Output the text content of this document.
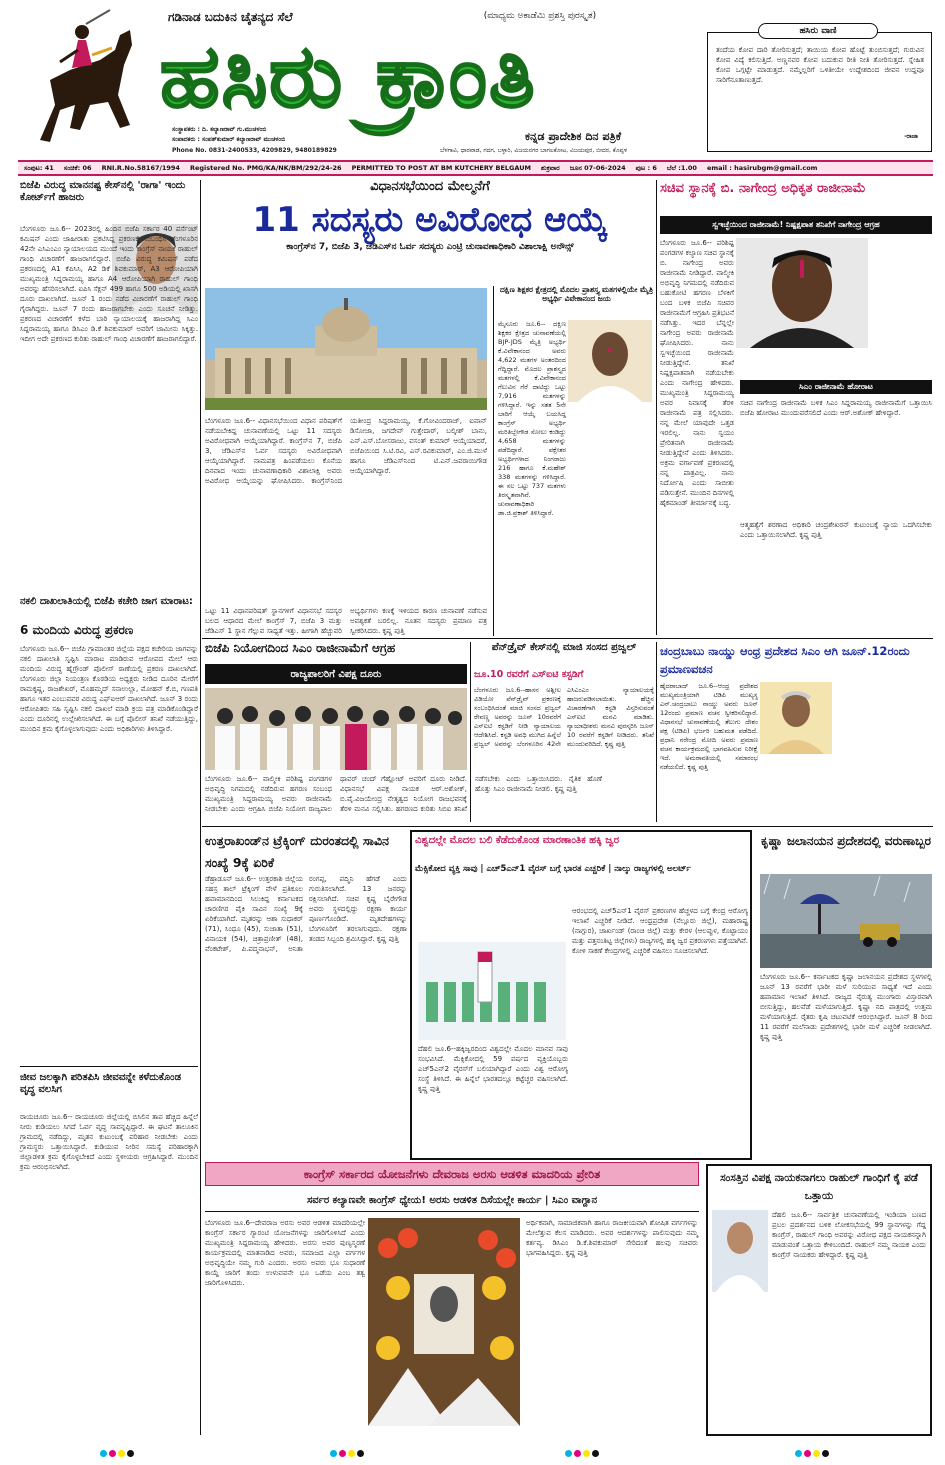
ಗಡಿನಾಡ ಬದುಕಿನ ಚೈತನ್ಯದ ಸೆಲೆ	(ಮಾಧ್ಯಮ ಅಕಾಡೆಮಿ ಪ್ರಶಸ್ತಿ ಪುರಸ್ಕೃತ)
ಹಸಿರು ಕ್ರಾಂತಿ
ಕನ್ನಡ ಪ್ರಾದೇಶಿಕ ದಿನ ಪತ್ರಿಕೆ
ಸಂಸ್ಥಾಪಕರು : ದಿ. ಕಲ್ಯಾಣರಾವ್ ಗು.ಮುಚಳಂಬಿ
ಸಂಪಾದಕರು : ಸಂಪತ್‌ಕುಮಾರ್ ಕಲ್ಯಾಣರಾವ್ ಮುಚಳಂಬಿ
Phone No. 0831-2400533, 4209829, 9480189829	ಬೆಳಗಾವಿ, ಧಾರವಾಡ, ಗದಗ, ಬಳ್ಳಾರಿ, ವಿಜಯನಗರ ಬಾಗಲಕೋಟ, ವಿಜಯಪುರ, ಬೀದರ, ಕೊಪ್ಪಳ
ಹಸಿರು ವಾಣಿ
ತಂದೆಯ ಕೋಪ ದಾರಿ ತೋರಿಸುತ್ತದೆ; ತಾಯಿಯ ಕೋಪ ಹೊಟ್ಟೆ ತುಂಬಿಸುತ್ತದೆ; ಗುರುವಿನ ಕೋಪ ವಿದ್ಯೆ ಕಲಿಸುತ್ತಿದೆ. ಅಣ್ಣನವರ ಕೋಪ ಬದುಕುವ ರೀತಿ ನೀತಿ ತೋರಿಸುತ್ತದೆ. ಸ್ನೇಹಿತ ಕೋಪ ಒಗ್ಗಟ್ಟೇ ಮಾಡುತ್ತದೆ. ನಮ್ಮೆಲ್ಲರಿಗೆ ಒಳಿತೀಯೇ ಉದ್ದೇಶದಿಂದ ಜೀವನ ಉದ್ದವೂ ಸಾರಿಗೆನೂತಾಣುತ್ತದೆ.
-ರಾಜಾ
ಸಂಪುಟ: 41 ಸಂಚಿಕೆ: 06 RNI.R.No.58167/1994 Registered No. PMG/KA/NK/BM/292/24-26 PERMITTED TO POST AT BM KUTCHERY BELGAUM ಶುಕ್ರವಾರ ಜೂನ 07-06-2024 ಪುಟ : 6 ಬೆಲೆ :1.00 email : hasirubgm@gmail.com
ಬಿಜೆಪಿ ವಿರುದ್ಧ ಮಾನನಷ್ಟ ಕೇಸ್‌ನಲ್ಲಿ 'ರಾಗಾ' ಇಂದು ಕೋರ್ಟ್‌ಗೆ ಹಾಜರು
ಬೆಂಗಳೂರು ಜೂ.6-- 2023ರಲ್ಲಿ ಹಿಂದಿನ ಬಿಜೆಪಿ ಸರ್ಕಾರ 40 ಪರ್ಸೆಂಟ್ ಕಮಿಷನ್ ಎಂದು ಜಾಹೀರಾತು ಪ್ರಕಟಿಸಿದ್ದ ಪ್ರಕರಣಕ್ಕೆ ಸಂಬಂಧಿಸಿ ಬೆಂಗಳೂರಿನ 42ನೇ ಎಸಿಎಂಎಂ ನ್ಯಾಯಾಲಯದ ಮುಂದೆ ಇಂದು ಕಾಂಗ್ರೆಸ್ ನಾಯಕ ರಾಹುಲ್ ಗಾಂಧಿ ವಿಚಾರಣೆಗೆ ಹಾಜರಾಗಲಿದ್ದಾರೆ. ಬಿಜೆಪಿ ವಿರುದ್ಧ ಕಮಿಷನ್ ಪಡೆದ ಪ್ರಕರಣದಲ್ಲಿ A1 ಕೆಪಿಸಿಸಿ, A2 ಡಿಕೆ ಶಿವಕುಮಾರ್, A3 ಆರೋಪಿಯಾಗಿ ಮುಖ್ಯಮಂತ್ರಿ ಸಿದ್ದರಾಮಯ್ಯ ಹಾಗೂ A4 ಆರೋಪಿಯಾಗಿ ರಾಹುಲ್ ಗಾಂಧಿ ಅವರನ್ನು ಹೆಸರಿಸಲಾಗಿದೆ. ಐಪಿಸಿ ಸೆಕ್ಷನ್ 499 ಹಾಗೂ 500 ಅಡಿಯಲ್ಲಿ ಖಾಸಗಿ ದೂರು ದಾಖಲಾಗಿದೆ. ಜೂನ್ 1 ರಂದು ನಡೆದ ವಿಚಾರಣೆಗೆ ರಾಹುಲ್ ಗಾಂಧಿ ಗೈರಾಗಿದ್ದರು. ಜೂನ್ 7 ರಂದು ಹಾಜರಾಗಬೇಕು ಎಂದು ಸೂಚನೆ ನೀಡಿತ್ತು. ಪ್ರಕರಣದ ವಿಚಾರಣೆಗೆ ಕಳೆದ ಬಾರಿ ನ್ಯಾಯಾಲಯಕ್ಕೆ ಹಾಜರಾಗಿದ್ದ ಸಿಎಂ ಸಿದ್ದರಾಮಯ್ಯ ಹಾಗೂ ಡಿಸಿಎಂ ಡಿ.ಕೆ ಶಿವಕುಮಾರ್ ಅವರಿಗೆ ಜಾಮೀನು ಸಿಕ್ಕಿತ್ತು. ಇದೀಗ ಅದೇ ಪ್ರಕರಣದ ಕುರಿತು ರಾಹುಲ್ ಗಾಂಧಿ ವಿಚಾರಣೆಗೆ ಹಾಜರಾಗಲಿದ್ದಾರೆ.
ನಕಲಿ ದಾಖಲಾತಿಯಲ್ಲಿ ಬಿಜೆಪಿ ಕಚೇರಿ ಜಾಗ ಮಾರಾಟ:
6 ಮಂದಿಯ ವಿರುದ್ಧ ಪ್ರಕರಣ
ಬೆಂಗಳೂರು ಜೂ.6-- ಬಿಜೆಪಿ ಗ್ರಾಮಾಂತರ ಜಿಲ್ಲೆಯ ಪಕ್ಷದ ಕಚೇರಿಯ ಜಾಗವನ್ನು ನಕಲಿ ದಾಖಲಾತಿ ಸೃಷ್ಟಿಸಿ ಮಾರಾಟ ಮಾಡಿರುವ ಆರೋಪದ ಮೇಲೆ ಆರು ಮಂದಿಯ ವಿರುದ್ಧ ಹೈಗ್ರೌಂಡ್ ಪೊಲೀಸ್ ಠಾಣೆಯಲ್ಲಿ ಪ್ರಕರಣ ದಾಖಲಾಗಿದೆ. ಬೆಂಗಳೂರು ಜಿಲ್ಲಾ ನಿಯಂತ್ರಣ ಕೊಠಡಿಯ ಅಧ್ಯಕ್ಷರು ನೀಡಿದ ದೂರಿನ ಮೇರೆಗೆ ರಾಮಕೃಷ್ಣ, ರಾಜಶೇಖರ್, ಮೊಹಮ್ಮದ್ ಸನಾಉಲ್ಲಾ, ಮೋಹನ್ ಕೆ.ಬಿ, ಗಣಪತಿ ಹಾಗೂ ಇತರ ಎಂಬುವವರ ವಿರುದ್ಧ ಎಫ್ಐಆರ್ ದಾಖಲಾಗಿದೆ. ಜೂನ್ 3 ರಂದು ಆರೋಪಿತರು ಸಹಿ ಸೃಷ್ಟಿಸಿ ನಕಲಿ ದಾಖಲೆ ಮಾಡಿ ಕ್ರಯ ಪತ್ರ ಮಾಡಿಕೊಂಡಿದ್ದಾರೆ ಎಂದು ದೂರಿನಲ್ಲಿ ಉಲ್ಲೇಖಿಸಲಾಗಿದೆ. ಈ ಬಗ್ಗೆ ಪೊಲೀಸ್ ತನಿಖೆ ನಡೆಯುತ್ತಿದ್ದು, ಮುಂದಿನ ಕ್ರಮ ಕೈಗೊಳ್ಳಲಾಗುವುದು ಎಂದು ಅಧಿಕಾರಿಗಳು ತಿಳಿಸಿದ್ದಾರೆ.
ಜೀವ ಜಲಕ್ಕಾಗಿ ಪರಿತಪಿಸಿ ಜೀವವನ್ನೇ ಕಳೆದುಕೊಂಡ ವೃದ್ಧ ವಲಸಿಗ
ರಾಯಚೂರು ಜೂ.6-- ರಾಯಚೂರು ಜಿಲ್ಲೆಯಲ್ಲಿ ಬಿಸಿಲಿನ ತಾಪ ಹೆಚ್ಚಿದ ಹಿನ್ನೆಲೆ ನೀರು ಕುಡಿಯಲು ಸಿಗದೆ ಓರ್ವ ವೃದ್ಧ ಸಾವನ್ನಪ್ಪಿದ್ದಾರೆ. ಈ ಘಟನೆ ತಾಲೂಕಿನ ಗ್ರಾಮದಲ್ಲಿ ನಡೆದಿದ್ದು, ಮೃತನ ಕುಟುಂಬಕ್ಕೆ ಪರಿಹಾರ ನೀಡಬೇಕು ಎಂದು ಗ್ರಾಮಸ್ಥರು ಒತ್ತಾಯಿಸಿದ್ದಾರೆ. ಕುಡಿಯುವ ನೀರಿನ ಸಮಸ್ಯೆ ಪರಿಹಾರಕ್ಕಾಗಿ ಜಿಲ್ಲಾಡಳಿತ ಕ್ರಮ ಕೈಗೊಳ್ಳಬೇಕಿದೆ ಎಂದು ಸ್ಥಳೀಯರು ಆಗ್ರಹಿಸಿದ್ದಾರೆ. ಮುಂದಿನ ಕ್ರಮ ಆರಂಭಿಸಲಾಗಿದೆ.
ವಿಧಾನಸಭೆಯಿಂದ ಮೇಲ್ಮನೆಗೆ
11 ಸದಸ್ಯರು ಅವಿರೋಧ ಆಯ್ಕೆ
ಕಾಂಗ್ರೆಸ್‌ನ 7, ಬಿಜೆಪಿ 3, ಜೆಡಿಎಸ್‌ನ ಓರ್ವ ಸದಸ್ಯರು ಎಂಟ್ರಿ ಚುನಾವಣಾಧಿಕಾರಿ ವಿಶಾಲಾಕ್ಷಿ ಅನೌನ್ಸ್
ಬೆಂಗಳೂರು ಜೂ.6-- ವಿಧಾನಸಭೆಯಿಂದ ವಿಧಾನ ಪರಿಷತ್‌ಗೆ ನಡೆಯಬೇಕಿದ್ದ ಚುನಾವಣೆಯಲ್ಲಿ ಒಟ್ಟು 11 ಸದಸ್ಯರು ಅವಿರೋಧವಾಗಿ ಆಯ್ಕೆಯಾಗಿದ್ದಾರೆ. ಕಾಂಗ್ರೆಸ್‌ನ 7, ಬಿಜೆಪಿ 3, ಜೆಡಿಎಸ್‌ನ ಓರ್ವ ಸದಸ್ಯರು ಅವಿರೋಧವಾಗಿ ಆಯ್ಕೆಯಾಗಿದ್ದಾರೆ. ನಾಮಪತ್ರ ಹಿಂಪಡೆಯಲು ಕೊನೆಯ ದಿನವಾದ ಇಂದು ಚುನಾವಣಾಧಿಕಾರಿ ವಿಶಾಲಾಕ್ಷಿ ಅವರು ಅವಿರೋಧ ಆಯ್ಕೆಯನ್ನು ಘೋಷಿಸಿದರು. ಕಾಂಗ್ರೆಸ್‌ನಿಂದ ಯತೀಂದ್ರ ಸಿದ್ದರಾಮಯ್ಯ, ಕೆ.ಗೋವಿಂದರಾಜ್, ಐವಾನ್ ಡಿಸೋಜಾ, ಜಗದೇವ್ ಗುತ್ತೇದಾರ್, ಬಲ್ಕೀಶ್ ಬಾನು, ಎನ್.ಎಸ್.ಬೋಸರಾಜು, ವಸಂತ್ ಕುಮಾರ್ ಆಯ್ಕೆಯಾದರೆ, ಬಿಜೆಪಿಯಿಂದ ಸಿ.ಟಿ.ರವಿ, ಎನ್.ರವಿಕುಮಾರ್, ಎಂ.ಜಿ.ಮುಳೆ ಹಾಗೂ ಜೆಡಿಎಸ್‌ನಿಂದ ಟಿ.ಎನ್.ಜವರಾಯಿಗೌಡ ಆಯ್ಕೆಯಾಗಿದ್ದಾರೆ.
ಒಟ್ಟು 11 ವಿಧಾನಪರಿಷತ್ ಸ್ಥಾನಗಳಿಗೆ ವಿಧಾನಸಭೆ ಸದಸ್ಯರ ಬಲದ ಆಧಾರದ ಮೇಲೆ ಕಾಂಗ್ರೆಸ್ 7, ಬಿಜೆಪಿ 3 ಮತ್ತು ಜೆಡಿಎಸ್ 1 ಸ್ಥಾನ ಗೆಲ್ಲುವ ಸಾಧ್ಯತೆ ಇತ್ತು. ಹೀಗಾಗಿ ಹೆಚ್ಚುವರಿ ಅಭ್ಯರ್ಥಿಗಳು ಕಣಕ್ಕೆ ಇಳಿಯದ ಕಾರಣ ಚುನಾವಣೆ ನಡೆಸುವ ಅವಶ್ಯಕತೆ ಬರಲಿಲ್ಲ. ನೂತನ ಸದಸ್ಯರು ಪ್ರಮಾಣ ಪತ್ರ ಸ್ವೀಕರಿಸಿದರು. ಕೃಷ್ಣ ಪುತ್ತಿ
ದಕ್ಷಿಣ ಶಿಕ್ಷಕರ ಕ್ಷೇತ್ರದಲ್ಲಿ ಮೊದಲ ಪ್ರಾಶಸ್ತ್ಯ ಮತಗಳಲ್ಲಿಯೇ ಮೈತ್ರಿ ಅಭ್ಯರ್ಥಿ ವಿವೇಕಾನಂದ ಜಯ
ಮೈಸೂರು ಜೂ.6-- ದಕ್ಷಿಣ ಶಿಕ್ಷಕರ ಕ್ಷೇತ್ರದ ಚುನಾವಣೆಯಲ್ಲಿ BJP-JDS ಮೈತ್ರಿ ಅಭ್ಯರ್ಥಿ ಕೆ.ವಿವೇಕಾನಂದ ಅವರು 4,622 ಮತಗಳ ಅಂತರದಿಂದ ಗೆದ್ದಿದ್ದಾರೆ. ಮೊದಲ ಪ್ರಾಶಸ್ತ್ಯದ ಮತಗಳಲ್ಲಿ ಕೆ.ವಿವೇಕಾನಂದ ಗೆಲುವಿನ ಗೆರೆ ದಾಟಿದ್ದು ಒಟ್ಟು 7,916 ಮತಗಳನ್ನು ಗಳಿಸಿದ್ದಾರೆ. ಇನ್ನು ಸತತ 5ನೇ ಬಾರಿಗೆ ಆಯ್ಕೆ ಬಯಸಿದ್ದ ಕಾಂಗ್ರೆಸ್ ಅಭ್ಯರ್ಥಿ ಮರಿತಿಬ್ಬೇಗೌಡ ಸೋಲು ಕಂಡಿದ್ದು 4,658 ಮತಗಳನ್ನು ಪಡೆದಿದ್ದಾರೆ. ಪಕ್ಷೇತರ ಅಭ್ಯರ್ಥಿಗಳಾದ ನಿಂಗರಾಜು 216 ಹಾಗೂ ಕೆ.ಮಹೇಶ್ 338 ಮತಗಳನ್ನು ಗಳಿಸಿದ್ದಾರೆ. ಈ ಸಲ ಒಟ್ಟು 737 ಮತಗಳು ತಿರಸ್ಕೃತವಾಗಿವೆ. ಚುನಾವಣಾಧಿಕಾರಿ ಡಾ.ಜಿ.ಪ್ರಕಾಶ್ ತಿಳಿಸಿದ್ದಾರೆ.
ಸಚಿವ ಸ್ಥಾನಕ್ಕೆ ಬಿ. ನಾಗೇಂದ್ರ ಅಧಿಕೃತ ರಾಜೀನಾಮೆ
ಸ್ವಇಚ್ಛೆಯಿಂದ ರಾಜೀನಾಮೆ! ನಿಷ್ಪಕ್ಷಪಾತ ತನಿಖೆಗೆ ನಾಗೇಂದ್ರ ಆಗ್ರಹ
ಬೆಂಗಳೂರು ಜೂ.6-- ಪರಿಶಿಷ್ಟ ಪಂಗಡಗಳ ಕಲ್ಯಾಣ ಸಚಿವ ಸ್ಥಾನಕ್ಕೆ ಬಿ. ನಾಗೇಂದ್ರ ಅವರು ರಾಜೀನಾಮೆ ನೀಡಿದ್ದಾರೆ. ವಾಲ್ಮೀಕಿ ಅಭಿವೃದ್ಧಿ ನಿಗಮದಲ್ಲಿ ನಡೆದಿರುವ ಬಹುಕೋಟಿ ಹಗರಣ ಬೆಳಕಿಗೆ ಬಂದ ಬಳಿಕ ಬಿಜೆಪಿ ಸಚಿವರ ರಾಜೀನಾಮೆಗೆ ಆಗ್ರಹಿಸಿ ಪ್ರತಿಭಟನೆ ನಡೆಸಿತ್ತು. ಇದರ ಬೆನ್ನಲ್ಲೇ ನಾಗೇಂದ್ರ ಅವರು ರಾಜೀನಾಮೆ ಘೋಷಿಸಿದರು. ನಾನು ಸ್ವಇಚ್ಛೆಯಿಂದ ರಾಜೀನಾಮೆ ನೀಡುತ್ತಿದ್ದೇನೆ. ತನಿಖೆ ನಿಷ್ಪಕ್ಷಪಾತವಾಗಿ ನಡೆಯಬೇಕು ಎಂದು ನಾಗೇಂದ್ರ ಹೇಳಿದರು. ಮುಖ್ಯಮಂತ್ರಿ ಸಿದ್ದರಾಮಯ್ಯ ಅವರ ನಿವಾಸಕ್ಕೆ ತೆರಳಿ ರಾಜೀನಾಮೆ ಪತ್ರ ಸಲ್ಲಿಸಿದರು. ನನ್ನ ಮೇಲೆ ಯಾವುದೇ ಒತ್ತಡ ಇರಲಿಲ್ಲ. ನಾನು ಸ್ವಯಂ ಪ್ರೇರಿತನಾಗಿ ರಾಜೀನಾಮೆ ನೀಡುತ್ತಿದ್ದೇನೆ ಎಂದು ತಿಳಿಸಿದರು. ಅಕ್ರಮ ವರ್ಗಾವಣೆ ಪ್ರಕರಣದಲ್ಲಿ ನನ್ನ ಪಾತ್ರವಿಲ್ಲ. ನಾನು ನಿರ್ದೋಷಿ ಎಂದು ಸಾಬೀತು ಪಡಿಸುತ್ತೇನೆ. ಮುಂದಿನ ದಿನಗಳಲ್ಲಿ ಹೈಕಮಾಂಡ್ ತೀರ್ಮಾನಕ್ಕೆ ಬದ್ಧ.
ಸಿಎಂ ರಾಜೀನಾಮೆ ಹೋರಾಟ
ಸಚಿವ ನಾಗೇಂದ್ರ ರಾಜೀನಾಮೆ ಬಳಿಕ ಸಿಎಂ ಸಿದ್ದರಾಮಯ್ಯ ರಾಜೀನಾಮೆಗೆ ಒತ್ತಾಯಿಸಿ ಬಿಜೆಪಿ ಹೋರಾಟ ಮುಂದುವರೆಸಲಿದೆ ಎಂದು ಆರ್.ಅಶೋಕ್ ಹೇಳಿದ್ದಾರೆ.
ಆತ್ಮಹತ್ಯೆಗೆ ಶರಣಾದ ಅಧಿಕಾರಿ ಚಂದ್ರಶೇಖರನ್ ಕುಟುಂಬಕ್ಕೆ ನ್ಯಾಯ ಒದಗಿಸಬೇಕು ಎಂದು ಒತ್ತಾಯಿಸಲಾಗಿದೆ. ಕೃಷ್ಣ ಪುತ್ತಿ
ಬಿಜೆಪಿ ನಿಯೋಗದಿಂದ ಸಿಎಂ ರಾಜೀನಾಮೆಗೆ ಆಗ್ರಹ
ರಾಜ್ಯಪಾಲರಿಗೆ ವಿಪಕ್ಷ ದೂರು
ಬೆಂಗಳೂರು ಜೂ.6-- ವಾಲ್ಮೀಕಿ ಪರಿಶಿಷ್ಟ ಪಂಗಡಗಳ ಅಭಿವೃದ್ಧಿ ನಿಗಮದಲ್ಲಿ ನಡೆದಿರುವ ಹಗರಣ ಸಂಬಂಧ ಮುಖ್ಯಮಂತ್ರಿ ಸಿದ್ದರಾಮಯ್ಯ ಅವರು ರಾಜೀನಾಮೆ ನೀಡಬೇಕು ಎಂದು ಆಗ್ರಹಿಸಿ ಬಿಜೆಪಿ ನಿಯೋಗ ರಾಜ್ಯಪಾಲ ಥಾವರ್ ಚಂದ್ ಗೆಹ್ಲೋಟ್ ಅವರಿಗೆ ದೂರು ನೀಡಿದೆ. ವಿಧಾನಸಭೆ ವಿಪಕ್ಷ ನಾಯಕ ಆರ್.ಅಶೋಕ್, ಬಿ.ವೈ.ವಿಜಯೇಂದ್ರ ನೇತೃತ್ವದ ನಿಯೋಗ ರಾಜಭವನಕ್ಕೆ ತೆರಳಿ ಮನವಿ ಸಲ್ಲಿಸಿತು. ಹಗರಣದ ಕುರಿತು ಸಿಬಿಐ ತನಿಖೆ ನಡೆಸಬೇಕು ಎಂದು ಒತ್ತಾಯಿಸಿದರು. ನೈತಿಕ ಹೊಣೆ ಹೊತ್ತು ಸಿಎಂ ರಾಜೀನಾಮೆ ನೀಡಲಿ. ಕೃಷ್ಣ ಪುತ್ತಿ
ಪೆನ್‌ಡ್ರೈವ್ ಕೇಸ್‌ನಲ್ಲಿ ಮಾಜಿ ಸಂಸದ ಪ್ರಜ್ವಲ್
ಜೂ.10 ರವರೆಗೆ ಎಸ್‌ಐಟಿ ಕಸ್ಟಡಿಗೆ
ಬೆಂಗಳೂರು ಜೂ.6--ಹಾಸನ ಅಶ್ಲೀಲ ವಿಡಿಯೋ ಪೆನ್‌ಡ್ರೈವ್ ಪ್ರಕರಣಕ್ಕೆ ಸಂಬಂಧಿಸಿದಂತೆ ಮಾಜಿ ಸಂಸದ ಪ್ರಜ್ವಲ್ ರೇವಣ್ಣ ಅವರನ್ನು ಜೂನ್ 10ರವರೆಗೆ ಎಸ್‌ಐಟಿ ಕಸ್ಟಡಿಗೆ ನೀಡಿ ನ್ಯಾಯಾಲಯ ಆದೇಶಿಸಿದೆ. ಕಸ್ಟಡಿ ಅವಧಿ ಮುಗಿದ ಹಿನ್ನೆಲೆ ಪ್ರಜ್ವಲ್ ಅವರನ್ನು ಬೆಂಗಳೂರಿನ 42ನೇ ಎಸಿಎಂಎಂ ನ್ಯಾಯಾಲಯಕ್ಕೆ ಹಾಜರುಪಡಿಸಲಾಯಿತು. ಹೆಚ್ಚಿನ ವಿಚಾರಣೆಗಾಗಿ ಕಸ್ಟಡಿ ವಿಸ್ತರಿಸುವಂತೆ ಎಸ್‌ಐಟಿ ಮನವಿ ಮಾಡಿತು. ನ್ಯಾಯಾಧೀಶರು ಮನವಿ ಪುರಸ್ಕರಿಸಿ ಜೂನ್ 10 ರವರೆಗೆ ಕಸ್ಟಡಿಗೆ ನೀಡಿದರು. ತನಿಖೆ ಮುಂದುವರಿದಿದೆ. ಕೃಷ್ಣ ಪುತ್ತಿ
ಚಂದ್ರಬಾಬು ನಾಯ್ಡು ಆಂಧ್ರ ಪ್ರದೇಶದ ಸಿಎಂ ಆಗಿ ಜೂನ್.12ರಂದು ಪ್ರಮಾಣವಚನ
ಹೈದರಾಬಾದ್ ಜೂ.6--ಆಂಧ್ರ ಪ್ರದೇಶದ ಮುಖ್ಯಮಂತ್ರಿಯಾಗಿ ಟಿಡಿಪಿ ಮುಖ್ಯಸ್ಥ ಎನ್.ಚಂದ್ರಬಾಬು ನಾಯ್ಡು ಅವರು ಜೂನ್ 12ರಂದು ಪ್ರಮಾಣ ವಚನ ಸ್ವೀಕರಿಸಲಿದ್ದಾರೆ. ವಿಧಾನಸಭೆ ಚುನಾವಣೆಯಲ್ಲಿ ತೆಲುಗು ದೇಶಂ ಪಕ್ಷ (ಟಿಡಿಪಿ) ಭರ್ಜರಿ ಬಹುಮತ ಪಡೆದಿದೆ. ಪ್ರಧಾನಿ ನರೇಂದ್ರ ಮೋದಿ ಅವರು ಪ್ರಮಾಣ ವಚನ ಕಾರ್ಯಕ್ರಮದಲ್ಲಿ ಭಾಗವಹಿಸುವ ನಿರೀಕ್ಷೆ ಇದೆ. ಅಮರಾವತಿಯಲ್ಲಿ ಸಮಾರಂಭ ನಡೆಯಲಿದೆ. ಕೃಷ್ಣ ಪುತ್ತಿ
ಉತ್ತರಾಖಂಡ್‌ನ ಟ್ರೆಕ್ಕಿಂಗ್ ದುರಂತದಲ್ಲಿ ಸಾವಿನ ಸಂಖ್ಯೆ 9ಕ್ಕೆ ಏರಿಕೆ
ಡೆಹ್ರಾಡೂನ್ ಜೂ.6-- ಉತ್ತರಕಾಶಿ ಜಿಲ್ಲೆಯ ಸಹಸ್ರ ತಾಲ್ ಟ್ರೆಕ್ಕಿಂಗ್ ವೇಳೆ ಪ್ರತಿಕೂಲ ಹವಾಮಾನದಿಂದ ಸಿಲುಕಿದ್ದ ಕರ್ನಾಟಕದ ಚಾರಣಿಗರ ಪೈಕಿ ಸಾವಿನ ಸಂಖ್ಯೆ 9ಕ್ಕೆ ಏರಿಕೆಯಾಗಿದೆ. ಮೃತರನ್ನು ಆಶಾ ಸುಧಾಕರ್ (71), ಸಿಂಧೂ (45), ಸುಜಾತಾ (51), ವಿನಾಯಕ (54), ಚಿತ್ರಾಪ್ರಣೀತ್ (48), ವೆಂಕಟೇಶ್, ಪಿ.ಪದ್ಮನಾಭನ್, ಅನಿತಾ ರಂಗಪ್ಪ, ಪದ್ಮಿನಿ ಹೆಗಡೆ ಎಂದು ಗುರುತಿಸಲಾಗಿದೆ. 13 ಜನರನ್ನು ರಕ್ಷಿಸಲಾಗಿದೆ. ಸಚಿವ ಕೃಷ್ಣ ಬೈರೇಗೌಡ ಅವರು ಸ್ಥಳದಲ್ಲಿದ್ದು ರಕ್ಷಣಾ ಕಾರ್ಯ ಪೂರ್ಣಗೊಂಡಿದೆ. ಮೃತದೇಹಗಳನ್ನು ಬೆಂಗಳೂರಿಗೆ ತರಲಾಗುವುದು. ರಕ್ಷಣಾ ತಂಡದ ಸಿಬ್ಬಂದಿ ಶ್ರಮಿಸಿದ್ದಾರೆ. ಕೃಷ್ಣ ಪುತ್ತಿ
ವಿಶ್ವದಲ್ಲೇ ಮೊದಲ ಬಲಿ ಕೆಡೆದುಕೊಂಡ ಮಾರಣಾಂತಿಕ ಹಕ್ಕಿ ಜ್ವರ
ಮೆಕ್ಸಿಕೋದ ವ್ಯಕ್ತಿ ಸಾವು | ಎಚ್5ಎನ್1 ವೈರಸ್ ಬಗ್ಗೆ ಭಾರತ ಎಚ್ಚರಿಕೆ | ನಾಲ್ಕು ರಾಜ್ಯಗಳಲ್ಲಿ ಅಲರ್ಟ್
ಆರಂಭದಲ್ಲಿ ಎಚ್5ಎನ್1 ವೈರಸ್ ಪ್ರಕರಣಗಳ ಹೆಚ್ಚಳದ ಬಗ್ಗೆ ಕೇಂದ್ರ ಆರೋಗ್ಯ ಇಲಾಖೆ ಎಚ್ಚರಿಕೆ ನೀಡಿದೆ. ಆಂಧ್ರಪ್ರದೇಶ (ನೆಲ್ಲೂರು ಜಿಲ್ಲೆ), ಮಹಾರಾಷ್ಟ್ರ (ನಾಗ್ಪುರ), ಜಾರ್ಖಂಡ್ (ರಾಂಚಿ ಜಿಲ್ಲೆ) ಮತ್ತು ಕೇರಳ (ಆಲಪ್ಪುಳ, ಕೊಟ್ಟಾಯಂ ಮತ್ತು ಪತ್ತನಂತಿಟ್ಟ ಜಿಲ್ಲೆಗಳು) ರಾಜ್ಯಗಳಲ್ಲಿ ಹಕ್ಕಿ ಜ್ವರ ಪ್ರಕರಣಗಳು ಪತ್ತೆಯಾಗಿವೆ. ಕೋಳಿ ಸಾಕಣೆ ಕೇಂದ್ರಗಳಲ್ಲಿ ಎಚ್ಚರಿಕೆ ವಹಿಸಲು ಸೂಚಿಸಲಾಗಿದೆ.
ದೆಹಲಿ ಜೂ.6--ಹಕ್ಕಿಜ್ವರದಿಂದ ವಿಶ್ವದಲ್ಲೇ ಮೊದಲ ಮಾನವ ಸಾವು ಸಂಭವಿಸಿದೆ. ಮೆಕ್ಸಿಕೋದಲ್ಲಿ 59 ವರ್ಷದ ವ್ಯಕ್ತಿಯೊಬ್ಬರು ಎಚ್5ಎನ್2 ವೈರಸ್‌ಗೆ ಬಲಿಯಾಗಿದ್ದಾರೆ ಎಂದು ವಿಶ್ವ ಆರೋಗ್ಯ ಸಂಸ್ಥೆ ತಿಳಿಸಿದೆ. ಈ ಹಿನ್ನೆಲೆ ಭಾರತದಲ್ಲೂ ಕಟ್ಟೆಚ್ಚರ ವಹಿಸಲಾಗಿದೆ. ಕೃಷ್ಣ ಪುತ್ತಿ
ಕೃಷ್ಣಾ ಜಲಾನಯನ ಪ್ರದೇಶದಲ್ಲಿ ವರುಣಾಬ್ಬರ
ಬೆಂಗಳೂರು ಜೂ.6-- ಕರ್ನಾಟಕದ ಕೃಷ್ಣಾ ಜಲಾನಯನ ಪ್ರದೇಶದ ಸ್ಥಳಗಳಲ್ಲಿ ಜೂನ್ 13 ರವರೆಗೆ ಭಾರೀ ಮಳೆ ಸುರಿಯುವ ಸಾಧ್ಯತೆ ಇದೆ ಎಂದು ಹವಾಮಾನ ಇಲಾಖೆ ತಿಳಿಸಿದೆ. ರಾಜ್ಯದ ನೈರುತ್ಯ ಮುಂಗಾರು ವಿಸ್ತಾರವಾಗಿ ಬೀಸುತ್ತಿದ್ದು, ಹಲವೆಡೆ ಮಳೆಯಾಗುತ್ತಿದೆ. ಕೃಷ್ಣಾ ನದಿ ಪಾತ್ರದಲ್ಲಿ ಉತ್ತಮ ಮಳೆಯಾಗುತ್ತಿದೆ. ರೈತರು ಕೃಷಿ ಚಟುವಟಿಕೆ ಆರಂಭಿಸಿದ್ದಾರೆ. ಜೂನ್ 8 ರಿಂದ 11 ರವರೆಗೆ ಮಲೆನಾಡು ಪ್ರದೇಶಗಳಲ್ಲಿ ಭಾರೀ ಮಳೆ ಎಚ್ಚರಿಕೆ ನೀಡಲಾಗಿದೆ. ಕೃಷ್ಣ ಪುತ್ತಿ
ಕಾಂಗ್ರೆಸ್ ಸರ್ಕಾರದ ಯೋಜನೆಗಳು ದೇವರಾಜ ಅರಸು ಆಡಳಿತ ಮಾದರಿಯ ಪ್ರೇರಿತ
ಸರ್ವರ ಕಲ್ಯಾಣವೇ ಕಾಂಗ್ರೆಸ್ ಧ್ಯೇಯ! ಅರಸು ಆಡಳಿತ ದಿಸೆಯಲ್ಲೇ ಕಾರ್ಯ | ಸಿಎಂ ವಾಗ್ದಾನ
ಬೆಂಗಳೂರು ಜೂ.6--ದೇವರಾಜ ಅರಸು ಅವರ ಆಡಳಿತ ಮಾದರಿಯಲ್ಲೇ ಕಾಂಗ್ರೆಸ್ ಸರ್ಕಾರ ಗ್ಯಾರಂಟಿ ಯೋಜನೆಗಳನ್ನು ಜಾರಿಗೊಳಿಸಿದೆ ಎಂದು ಮುಖ್ಯಮಂತ್ರಿ ಸಿದ್ದರಾಮಯ್ಯ ಹೇಳಿದರು. ಅರಸು ಅವರ ಪುಣ್ಯಸ್ಮರಣೆ ಕಾರ್ಯಕ್ರಮದಲ್ಲಿ ಮಾತನಾಡಿದ ಅವರು, ಸಮಾಜದ ಎಲ್ಲಾ ವರ್ಗಗಳ ಅಭಿವೃದ್ಧಿಯೇ ನಮ್ಮ ಗುರಿ ಎಂದರು. ಅರಸು ಅವರು ಭೂ ಸುಧಾರಣೆ ಕಾಯ್ದೆ ಜಾರಿಗೆ ತಂದು ಉಳುವವನೇ ಭೂ ಒಡೆಯ ಎಂಬ ತತ್ವ ಜಾರಿಗೊಳಿಸಿದರು.
ಅರ್ಥಿಕವಾಗಿ, ಸಾಮಾಜಿಕವಾಗಿ ಹಾಗೂ ರಾಜಕೀಯವಾಗಿ ಶೋಷಿತ ವರ್ಗಗಳನ್ನು ಮೇಲೆತ್ತುವ ಕೆಲಸ ಮಾಡಿದರು. ಅವರ ಆದರ್ಶಗಳನ್ನು ಪಾಲಿಸುವುದು ನಮ್ಮ ಕರ್ತವ್ಯ. ಡಿಸಿಎಂ ಡಿ.ಕೆ.ಶಿವಕುಮಾರ್ ಸೇರಿದಂತೆ ಹಲವು ಸಚಿವರು ಭಾಗವಹಿಸಿದ್ದರು. ಕೃಷ್ಣ ಪುತ್ತಿ
ಸಂಸತ್ತಿನ ವಿಪಕ್ಷ ನಾಯಕನಾಗಲು ರಾಹುಲ್ ಗಾಂಧಿಗೆ ಕೈ ಪಡೆ ಒತ್ತಾಯ
ದೆಹಲಿ ಜೂ.6-- ಸಾರ್ವತ್ರಿಕ ಚುನಾವಣೆಯಲ್ಲಿ ಇಂಡಿಯಾ ಬಣದ ಪ್ರಬಲ ಪ್ರದರ್ಶನದ ಬಳಿಕ ಲೋಕಸಭೆಯಲ್ಲಿ 99 ಸ್ಥಾನಗಳನ್ನು ಗೆದ್ದ ಕಾಂಗ್ರೆಸ್, ರಾಹುಲ್ ಗಾಂಧಿ ಅವರನ್ನು ವಿರೋಧ ಪಕ್ಷದ ನಾಯಕನನ್ನಾಗಿ ಮಾಡುವಂತೆ ಒತ್ತಾಯ ಕೇಳಿಬಂದಿದೆ. ರಾಹುಲ್ ನಮ್ಮ ನಾಯಕ ಎಂದು ಕಾಂಗ್ರೆಸ್ ನಾಯಕರು ಹೇಳಿದ್ದಾರೆ. ಕೃಷ್ಣ ಪುತ್ತಿ
